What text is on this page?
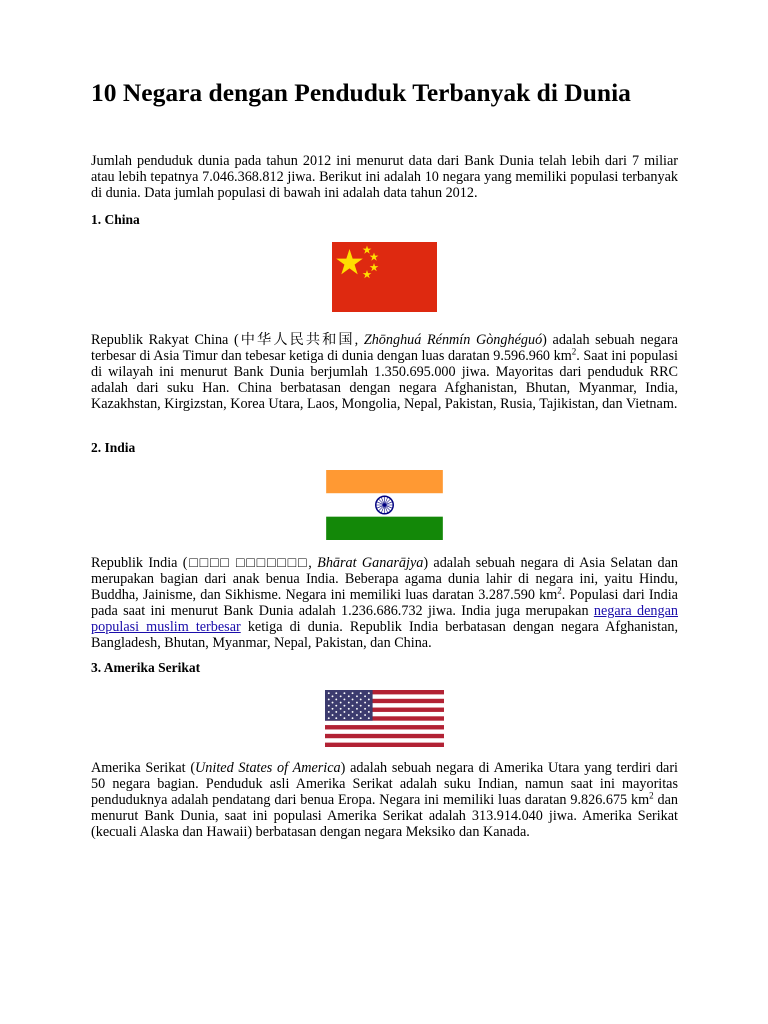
10 Negara dengan Penduduk Terbanyak di Dunia

Jumlah penduduk dunia pada tahun 2012 ini menurut data dari Bank Dunia telah lebih dari 7 miliar atau lebih tepatnya 7.046.368.812 jiwa. Berikut ini adalah 10 negara yang memiliki populasi terbanyak di dunia. Data jumlah populasi di bawah ini adalah data tahun 2012.

1. China

Republik Rakyat China (中华人民共和国, Zhōnghuá Rénmín Gònghéguó) adalah sebuah negara terbesar di Asia Timur dan tebesar ketiga di dunia dengan luas daratan 9.596.960 $km^2$. Saat ini populasi di wilayah ini menurut Bank Dunia berjumlah 1.350.695.000 jiwa. Mayoritas dari penduduk RRC adalah dari suku Han. China berbatasan dengan negara Afghanistan, Bhutan, Myanmar, India, Kazakhstan, Kirgizstan, Korea Utara, Laos, Mongolia, Nepal, Pakistan, Rusia, Tajikistan, dan Vietnam.

2. India

Republik India (□□□□ □□□□□□□, Bhārat Ganarājya) adalah sebuah negara di Asia Selatan dan merupakan bagian dari anak benua India. Beberapa agama dunia lahir di negara ini, yaitu Hindu, Buddha, Jainisme, dan Sikhisme. Negara ini memiliki luas daratan 3.287.590 $km^2$. Populasi dari India pada saat ini menurut Bank Dunia adalah 1.236.686.732 jiwa. India juga merupakan negara dengan populasi muslim terbesar ketiga di dunia. Republik India berbatasan dengan negara Afghanistan, Bangladesh, Bhutan, Myanmar, Nepal, Pakistan, dan China.

3. Amerika Serikat

Amerika Serikat (United States of America) adalah sebuah negara di Amerika Utara yang terdiri dari 50 negara bagian. Penduduk asli Amerika Serikat adalah suku Indian, namun saat ini mayoritas penduduknya adalah pendatang dari benua Eropa. Negara ini memiliki luas daratan 9.826.675 $km^2$ dan menurut Bank Dunia, saat ini populasi Amerika Serikat adalah 313.914.040 jiwa. Amerika Serikat (kecuali Alaska dan Hawaii) berbatasan dengan negara Meksiko dan Kanada.
